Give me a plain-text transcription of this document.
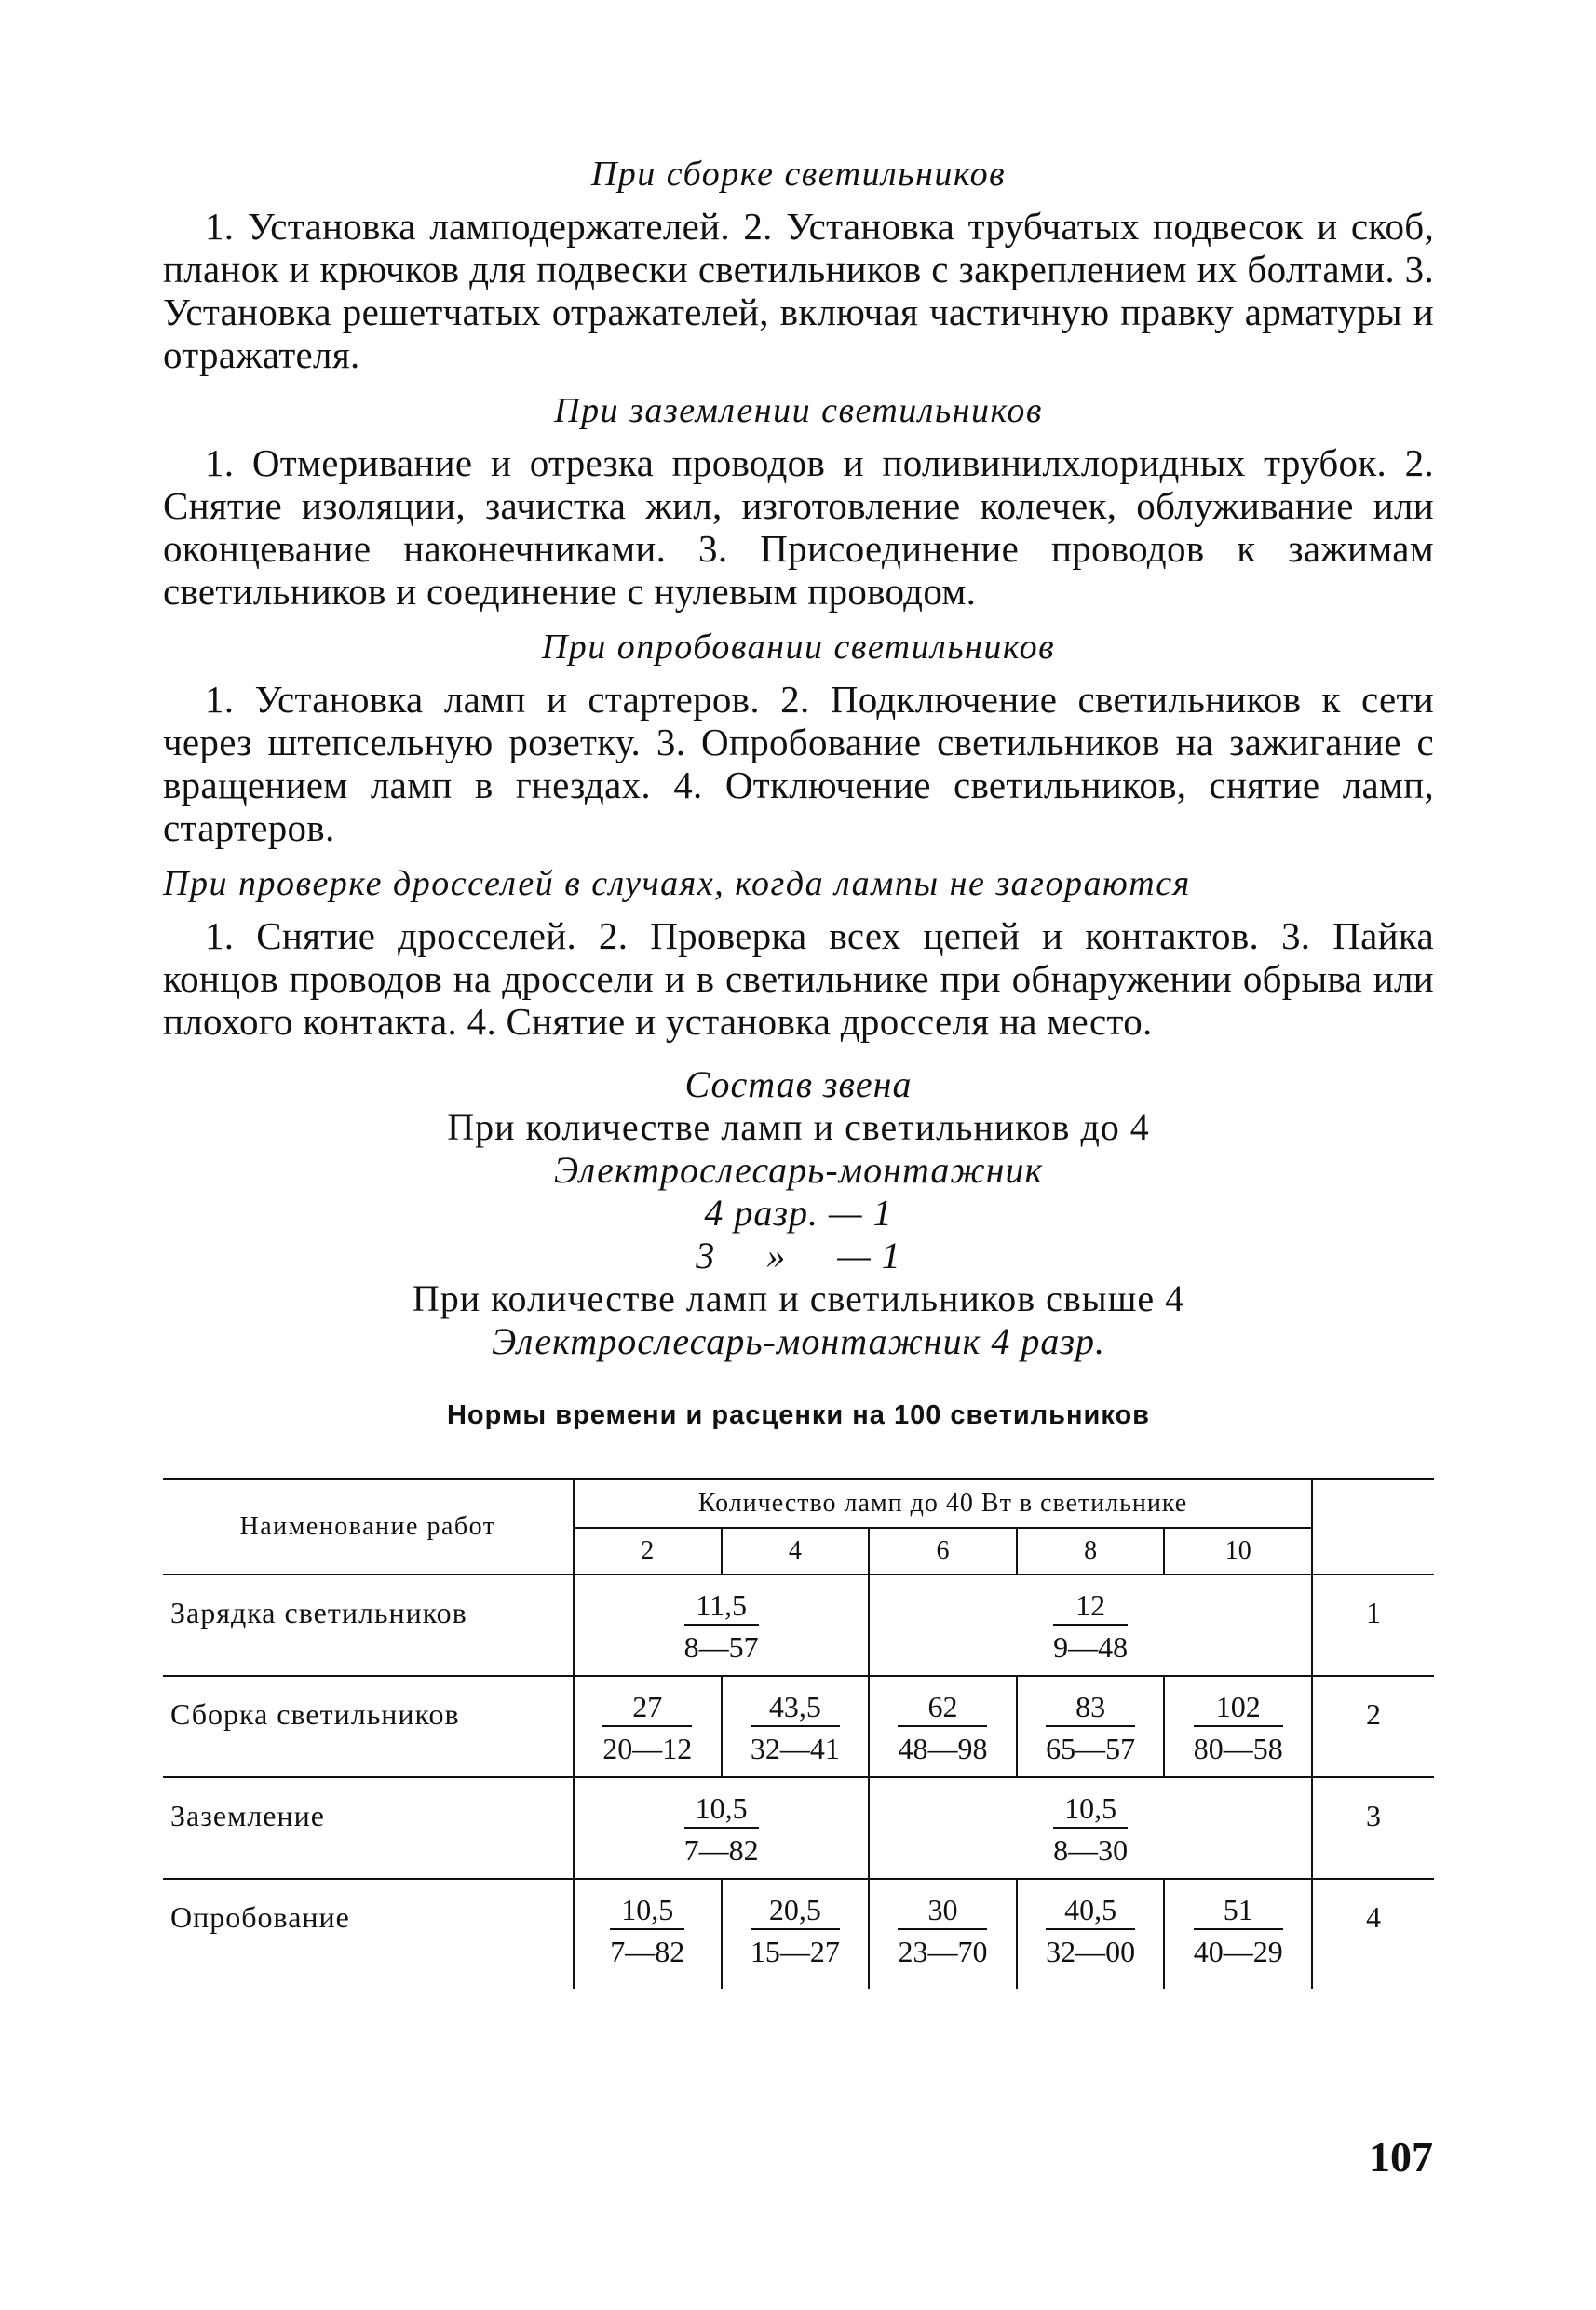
При сборке светильников

1. Установка ламподержателей. 2. Установка трубчатых подвесок и скоб, планок и крючков для подвески светильников с закреплением их болтами. 3. Установка решетчатых отражателей, включая частичную правку арматуры и отражателя.

При заземлении светильников

1. Отмеривание и отрезка проводов и поливинилхлоридных трубок. 2. Снятие изоляции, зачистка жил, изготовление колечек, облуживание или оконцевание наконечниками. 3. Присоединение проводов к зажимам светильников и соединение с нулевым проводом.

При опробовании светильников

1. Установка ламп и стартеров. 2. Подключение светильников к сети через штепсельную розетку. 3. Опробование светильников на зажигание с вращением ламп в гнездах. 4. Отключение светильников, снятие ламп, стартеров.

При проверке дросселей в случаях, когда лампы не загораются

1. Снятие дросселей. 2. Проверка всех цепей и контактов. 3. Пайка концов проводов на дроссели и в светильнике при обнаружении обрыва или плохого контакта. 4. Снятие и установка дросселя на место.

Состав звена
При количестве ламп и светильников до 4
Электрослесарь-монтажник
4 разр. — 1
3     »     — 1
При количестве ламп и светильников свыше 4
Электрослесарь-монтажник 4 разр.
Нормы времени и расценки на 100 светильников
Наименование работ	Количество ламп до 40 Вт в светильнике					
	2	4	6	8	10	
Зарядка светильников	$\frac{11,5}{8—57}$		$\frac{12}{9—48}$			1
Сборка светильников	$\frac{27}{20—12}$	$\frac{43,5}{32—41}$	$\frac{62}{48—98}$	$\frac{83}{65—57}$	$\frac{102}{80—58}$	2
Заземление	$\frac{10,5}{7—82}$		$\frac{10,5}{8—30}$			3
Опробование	$\frac{10,5}{7—82}$	$\frac{20,5}{15—27}$	$\frac{30}{23—70}$	$\frac{40,5}{32—00}$	$\frac{51}{40—29}$	4
107
